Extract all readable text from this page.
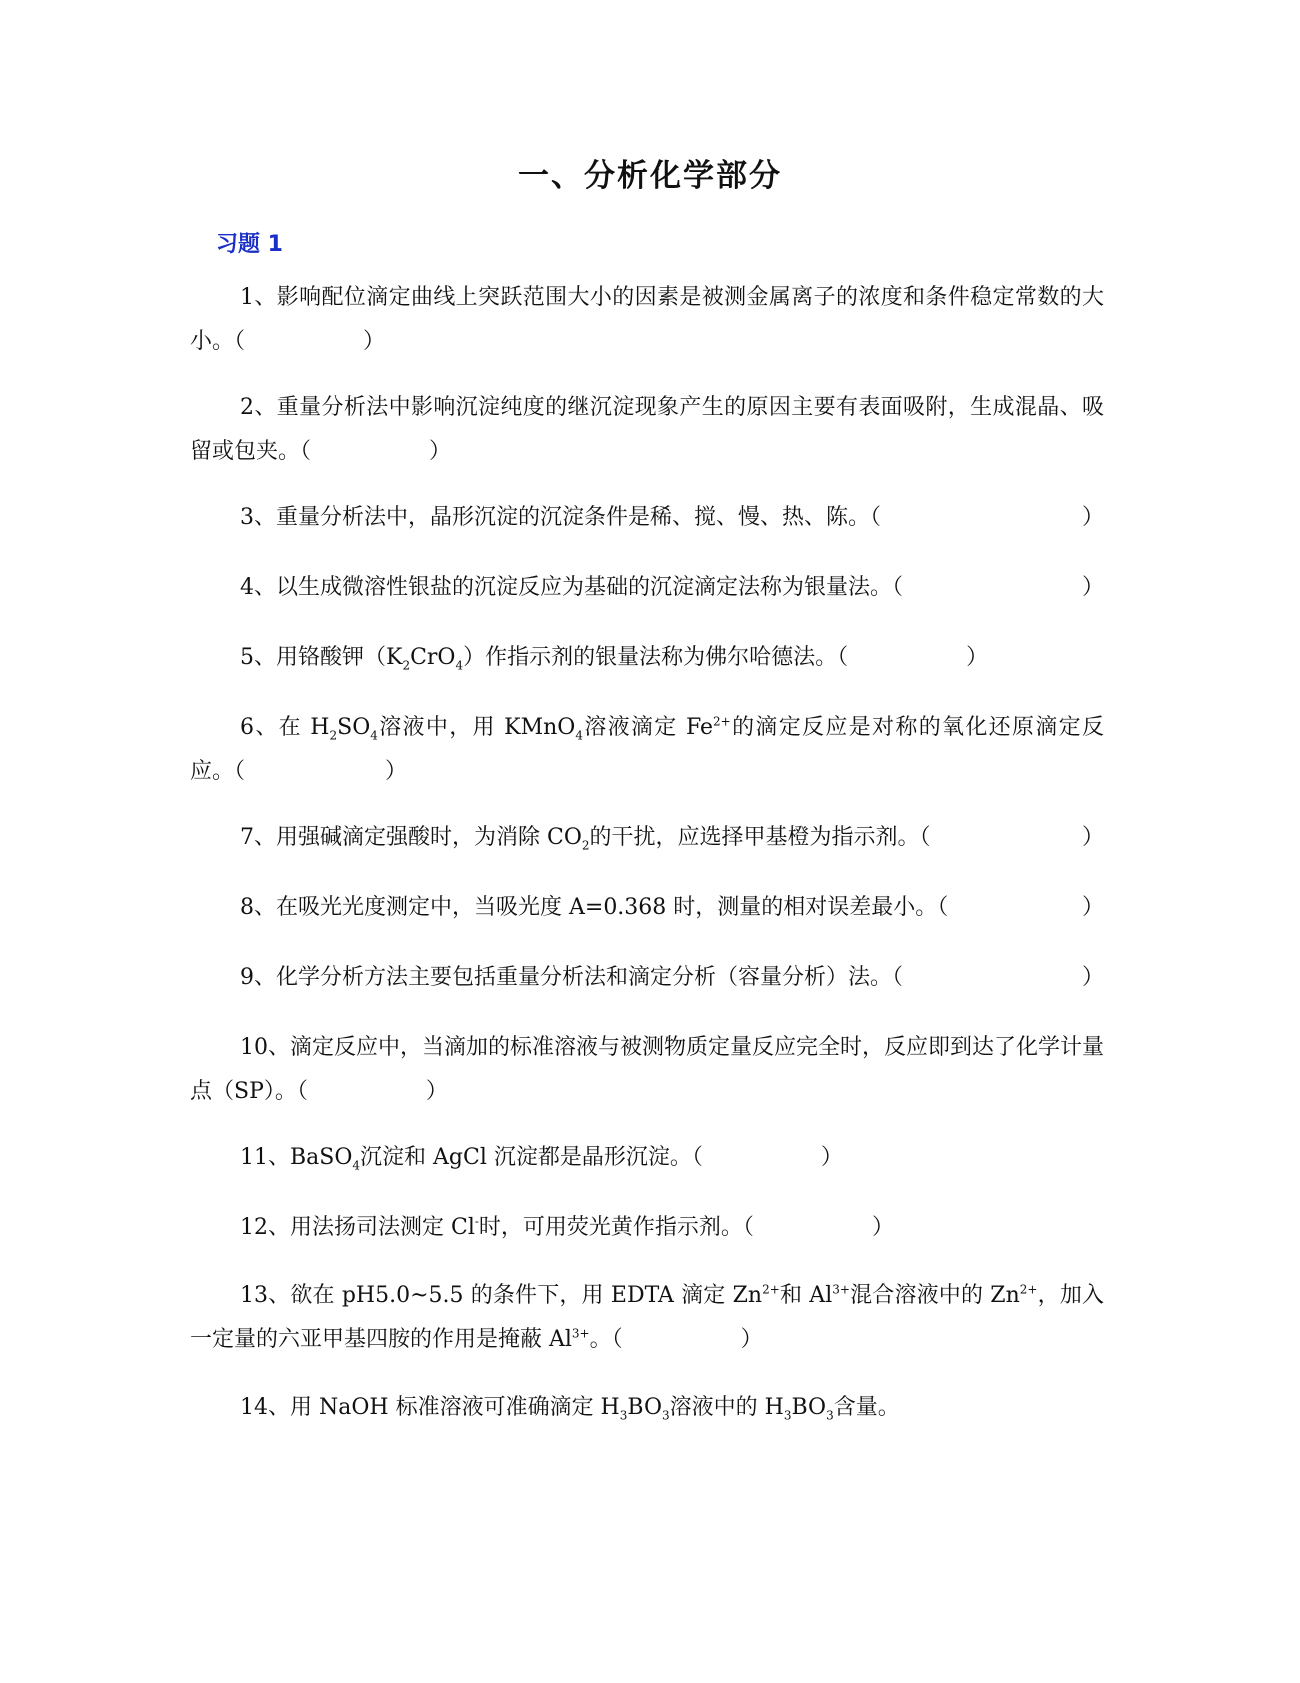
一、分析化学部分
习题 1

1、影响配位滴定曲线上突跃范围大小的因素是被测金属离子的浓度和条件稳定常数的大小。（	）

2、重量分析法中影响沉淀纯度的继沉淀现象产生的原因主要有表面吸附，生成混晶、吸留或包夹。（	）

3、重量分析法中，晶形沉淀的沉淀条件是稀、搅、慢、热、陈。（	）

4、以生成微溶性银盐的沉淀反应为基础的沉淀滴定法称为银量法。（	）

5、用铬酸钾$(K_2CrO_4)$作指示剂的银量法称为佛尔哈德法。（	）

6、在 $H_2SO_4$溶液中，用 KMnO$_4$溶液滴定 $Fe^{2+}$的滴定反应是对称的氧化还原滴定反应。（	）

7、用强碱滴定强酸时，为消除 $CO_2$的干扰，应选择甲基橙为指示剂。（	）

8、在吸光光度测定中，当吸光度 A=0.368 时，测量的相对误差最小。（	）

9、化学分析方法主要包括重量分析法和滴定分析（容量分析）法。（	）

10、滴定反应中，当滴加的标准溶液与被测物质定量反应完全时，反应即到达了化学计量点（SP）。（	）

11、BaSO$_4$沉淀和 AgCl 沉淀都是晶形沉淀。（	）

12、用法扬司法测定 Cl-时，可用荧光黄作指示剂。（	）

13、欲在 pH5.0~5.5 的条件下，用 EDTA 滴定 $Zn^{2+}$和 $Al^{3+}$混合溶液中的 $Zn^{2+}$，加入一定量的六亚甲基四胺的作用是掩蔽 $Al^{3+}$。（	）

14、用 NaOH 标准溶液可准确滴定 $H_3BO_3$溶液中的 $H_3BO_3$含量。
